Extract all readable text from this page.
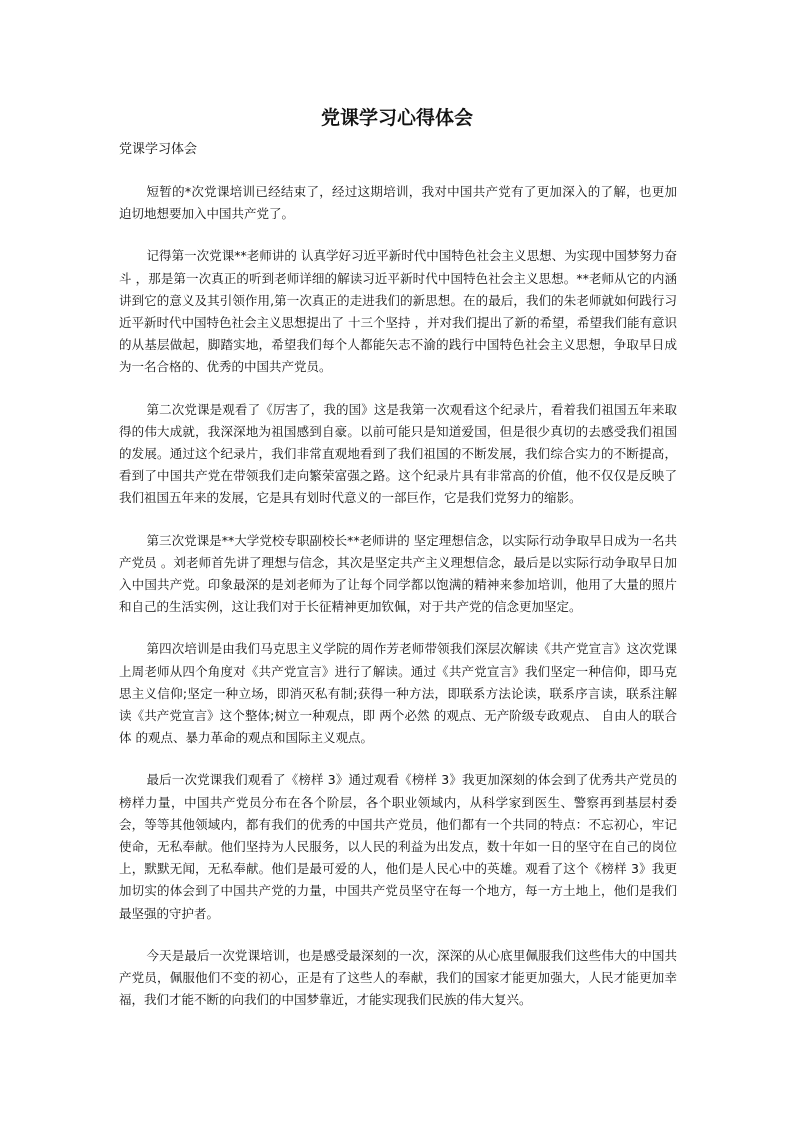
党课学习心得体会

党课学习体会

短暂的*次党课培训已经结束了，经过这期培训，我对中国共产党有了更加深入的了解，也更加迫切地想要加入中国共产党了。

记得第一次党课**老师讲的 认真学好习近平新时代中国特色社会主义思想、为实现中国梦努力奋斗 ，那是第一次真正的听到老师详细的解读习近平新时代中国特色社会主义思想。**老师从它的内涵讲到它的意义及其引领作用,第一次真正的走进我们的新思想。在的最后，我们的朱老师就如何践行习近平新时代中国特色社会主义思想提出了 十三个坚持 ，并对我们提出了新的希望，希望我们能有意识的从基层做起，脚踏实地，希望我们每个人都能矢志不渝的践行中国特色社会主义思想，争取早日成为一名合格的、优秀的中国共产党员。

第二次党课是观看了《厉害了，我的国》这是我第一次观看这个纪录片，看着我们祖国五年来取得的伟大成就，我深深地为祖国感到自豪。以前可能只是知道爱国，但是很少真切的去感受我们祖国的发展。通过这个纪录片，我们非常直观地看到了我们祖国的不断发展，我们综合实力的不断提高，看到了中国共产党在带领我们走向繁荣富强之路。这个纪录片具有非常高的价值，他不仅仅是反映了我们祖国五年来的发展，它是具有划时代意义的一部巨作，它是我们党努力的缩影。

第三次党课是**大学党校专职副校长**老师讲的 坚定理想信念，以实际行动争取早日成为一名共产党员 。刘老师首先讲了理想与信念，其次是坚定共产主义理想信念，最后是以实际行动争取早日加入中国共产党。印象最深的是刘老师为了让每个同学都以饱满的精神来参加培训，他用了大量的照片和自己的生活实例，这让我们对于长征精神更加钦佩，对于共产党的信念更加坚定。

第四次培训是由我们马克思主义学院的周作芳老师带领我们深层次解读《共产党宣言》这次党课上周老师从四个角度对《共产党宣言》进行了解读。通过《共产党宣言》我们坚定一种信仰，即马克思主义信仰;坚定一种立场，即消灭私有制;获得一种方法，即联系方法论读，联系序言读，联系注解读《共产党宣言》这个整体;树立一种观点，即 两个必然 的观点、无产阶级专政观点、 自由人的联合体 的观点、暴力革命的观点和国际主义观点。

最后一次党课我们观看了《榜样 3》通过观看《榜样 3》我更加深刻的体会到了优秀共产党员的榜样力量，中国共产党员分布在各个阶层，各个职业领域内，从科学家到医生、警察再到基层村委会，等等其他领域内，都有我们的优秀的中国共产党员，他们都有一个共同的特点：不忘初心，牢记使命，无私奉献。他们坚持为人民服务，以人民的利益为出发点，数十年如一日的坚守在自己的岗位上，默默无闻，无私奉献。他们是最可爱的人，他们是人民心中的英雄。观看了这个《榜样 3》我更加切实的体会到了中国共产党的力量，中国共产党员坚守在每一个地方，每一方土地上，他们是我们最坚强的守护者。

今天是最后一次党课培训，也是感受最深刻的一次，深深的从心底里佩服我们这些伟大的中国共产党员，佩服他们不变的初心，正是有了这些人的奉献，我们的国家才能更加强大，人民才能更加幸福，我们才能不断的向我们的中国梦靠近，才能实现我们民族的伟大复兴。
